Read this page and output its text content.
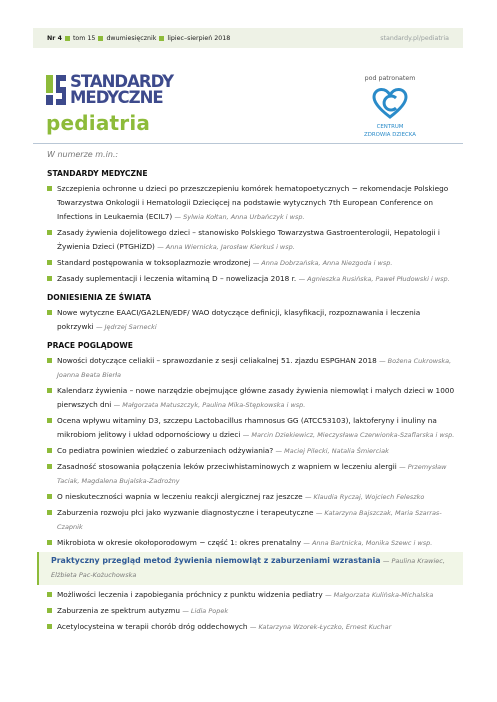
Nr 4 tom 15 dwumiesięcznik lipiec–sierpień 2018	standardy.pl/pediatria
STANDARDY
MEDYCZNE
pediatria
pod patronatem
CENTRUM
ZDROWIA DZIECKA
W numerze m.in.:
STANDARDY MEDYCZNE
Szczepienia ochronne u dzieci po przeszczepieniu komórek hematopoetycznych − rekomendacje Polskiego Towarzystwa Onkologii i Hematologii Dziecięcej na podstawie wytycznych 7th European Conference on Infections in Leukaemia (ECIL7) — Sylwia Kołtan, Anna Urbańczyk i wsp.
Zasady żywienia dojelitowego dzieci – stanowisko Polskiego Towarzystwa Gastroenterologii, Hepatologii i Żywienia Dzieci (PTGHiZD) — Anna Wiernicka, Jarosław Kierkuś i wsp.
Standard postępowania w toksoplazmozie wrodzonej — Anna Dobrzańska, Anna Niezgoda i wsp.
Zasady suplementacji i leczenia witaminą D – nowelizacja 2018 r. — Agnieszka Rusińska, Paweł Płudowski i wsp.
DONIESIENIA ZE ŚWIATA
Nowe wytyczne EAACI/GA2LEN/EDF/ WAO dotyczące definicji, klasyfikacji, rozpoznawania i leczenia pokrzywki — Jędrzej Sarnecki
PRACE POGLĄDOWE
Nowości dotyczące celiakii – sprawozdanie z sesji celiakalnej 51. zjazdu ESPGHAN 2018 — Bożena Cukrowska, Joanna Beata Bierła
Kalendarz żywienia – nowe narzędzie obejmujące główne zasady żywienia niemowląt i małych dzieci w 1000 pierwszych dni — Małgorzata Matuszczyk, Paulina Mika-Stępkowska i wsp.
Ocena wpływu witaminy D3, szczepu Lactobacillus rhamnosus GG (ATCC53103), laktoferyny i inuliny na mikrobiom jelitowy i układ odpornościowy u dzieci — Marcin Dziekiewicz, Mieczysława Czerwionka-Szaflarska i wsp.
Co pediatra powinien wiedzieć o zaburzeniach odżywiania? — Maciej Pilecki, Natalia Śmierciak
Zasadność stosowania połączenia leków przeciwhistaminowych z wapniem w leczeniu alergii — Przemysław Taciak, Magdalena Bujalska-Zadrożny
O nieskuteczności wapnia w leczeniu reakcji alergicznej raz jeszcze — Klaudia Ryczaj, Wojciech Feleszko
Zaburzenia rozwoju płci jako wyzwanie diagnostyczne i terapeutyczne — Katarzyna Bajszczak, Maria Szarras-Czapnik
Mikrobiota w okresie okołoporodowym − część 1: okres prenatalny — Anna Bartnicka, Monika Szewc i wsp.
Praktyczny przegląd metod żywienia niemowląt z zaburzeniami wzrastania — Paulina Krawiec, Elżbieta Pac-Kożuchowska
Możliwości leczenia i zapobiegania próchnicy z punktu widzenia pediatry — Małgorzata Kulińska-Michalska
Zaburzenia ze spektrum autyzmu — Lidia Popek
Acetylocysteina w terapii chorób dróg oddechowych — Katarzyna Wzorek-Łyczko, Ernest Kuchar
